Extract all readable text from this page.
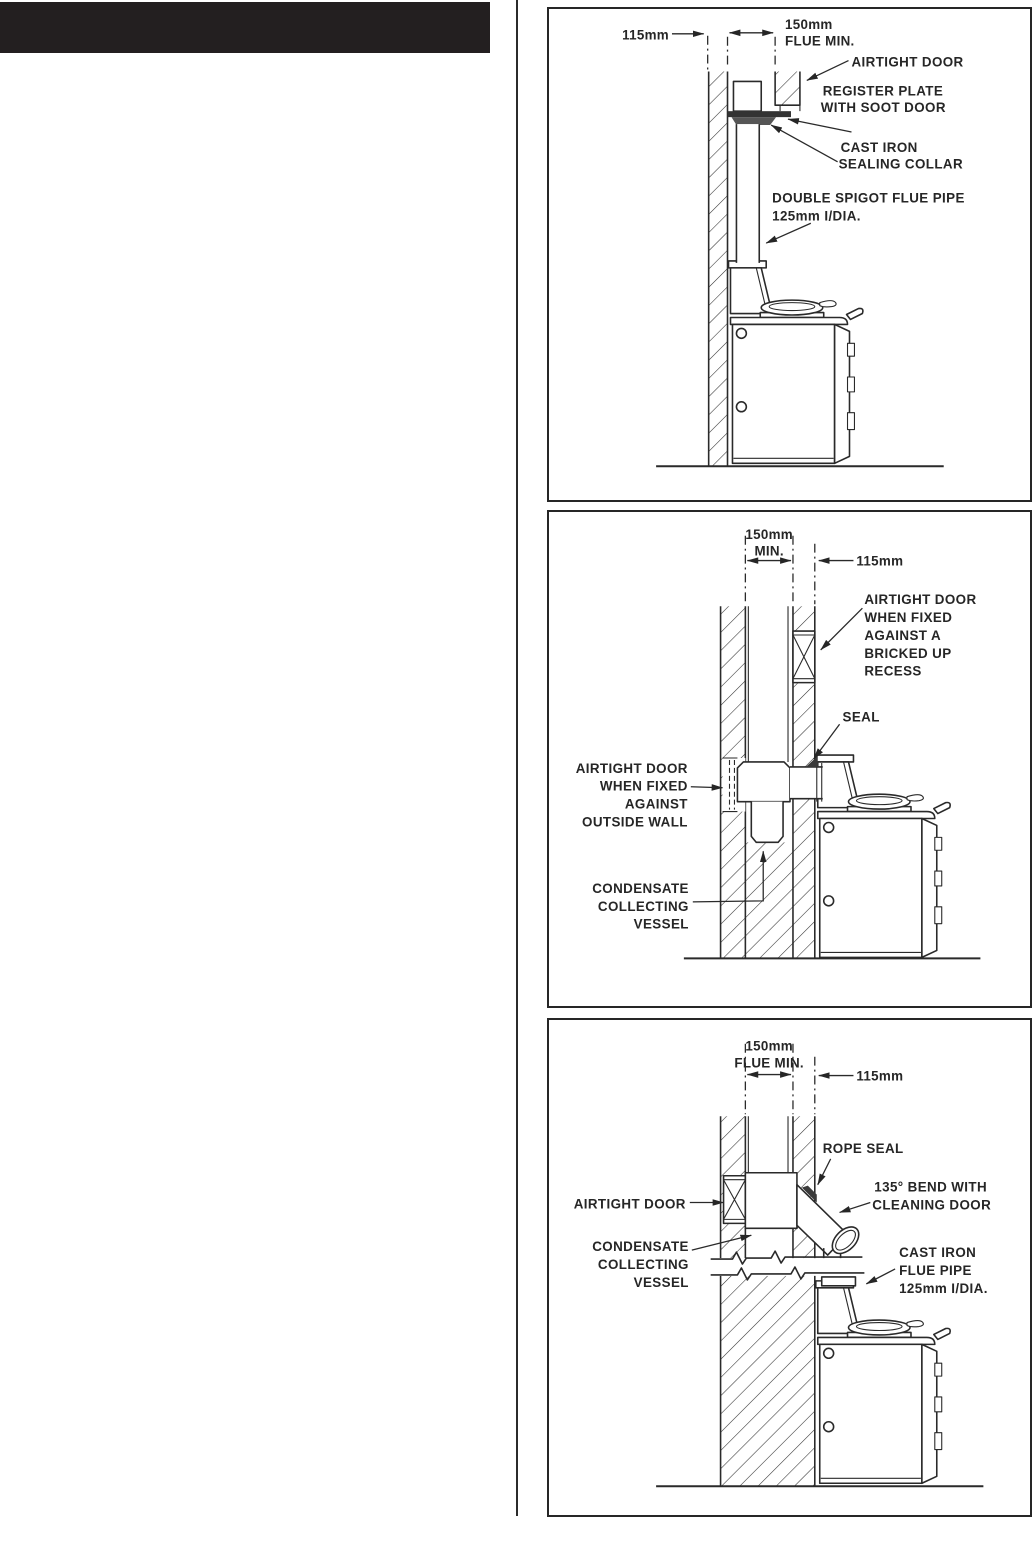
115mm
150mm
FLUE MIN.
AIRTIGHT DOOR
REGISTER PLATE
WITH SOOT DOOR
CAST IRON
SEALING COLLAR
DOUBLE SPIGOT FLUE PIPE
125mm I/DIA.
150mm
MIN.
115mm
AIRTIGHT DOOR
WHEN FIXED
AGAINST A
BRICKED UP
RECESS
SEAL
AIRTIGHT DOOR
WHEN FIXED
AGAINST
OUTSIDE WALL
CONDENSATE
COLLECTING
VESSEL
150mm
FLUE MIN.
115mm
ROPE SEAL
135° BEND WITH
CLEANING DOOR
AIRTIGHT DOOR
CONDENSATE
COLLECTING
VESSEL
CAST IRON
FLUE PIPE
125mm I/DIA.
